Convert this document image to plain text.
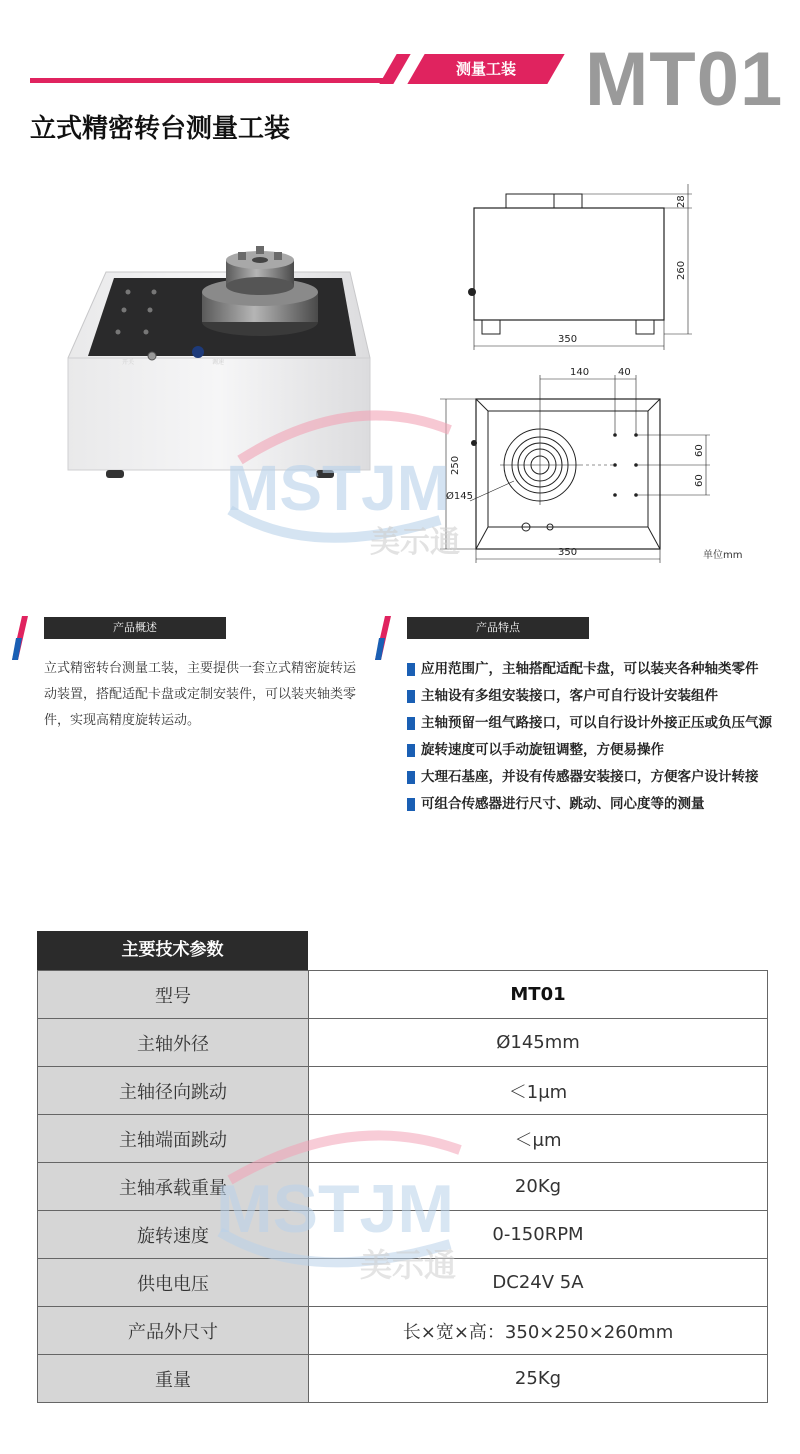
测量工装 MT01
立式精密转台测量工装
开关	调速
28
260
350
140	40
60
60
250
Ø145
350	单位mm
MSTJM
美示通
产品概述	产品特点
立式精密转台测量工装，主要提供一套立式精密旋转运动装置，搭配适配卡盘或定制安装件，可以装夹轴类零件，实现高精度旋转运动。
应用范围广，主轴搭配适配卡盘，可以装夹各种轴类零件
主轴设有多组安装接口，客户可自行设计安装组件
主轴预留一组气路接口，可以自行设计外接正压或负压气源
旋转速度可以手动旋钮调整，方便易操作
大理石基座，并设有传感器安装接口，方便客户设计转接
可组合传感器进行尺寸、跳动、同心度等的测量
主要技术参数
型号	MT01
主轴外径	Ø145mm
主轴径向跳动	＜1μm
主轴端面跳动	＜μm
主轴承载重量	20Kg
旋转速度	0-150RPM
供电电压	DC24V 5A
产品外尺寸	长×宽×高：350×250×260mm
重量	25Kg
MSTJM
美示通
